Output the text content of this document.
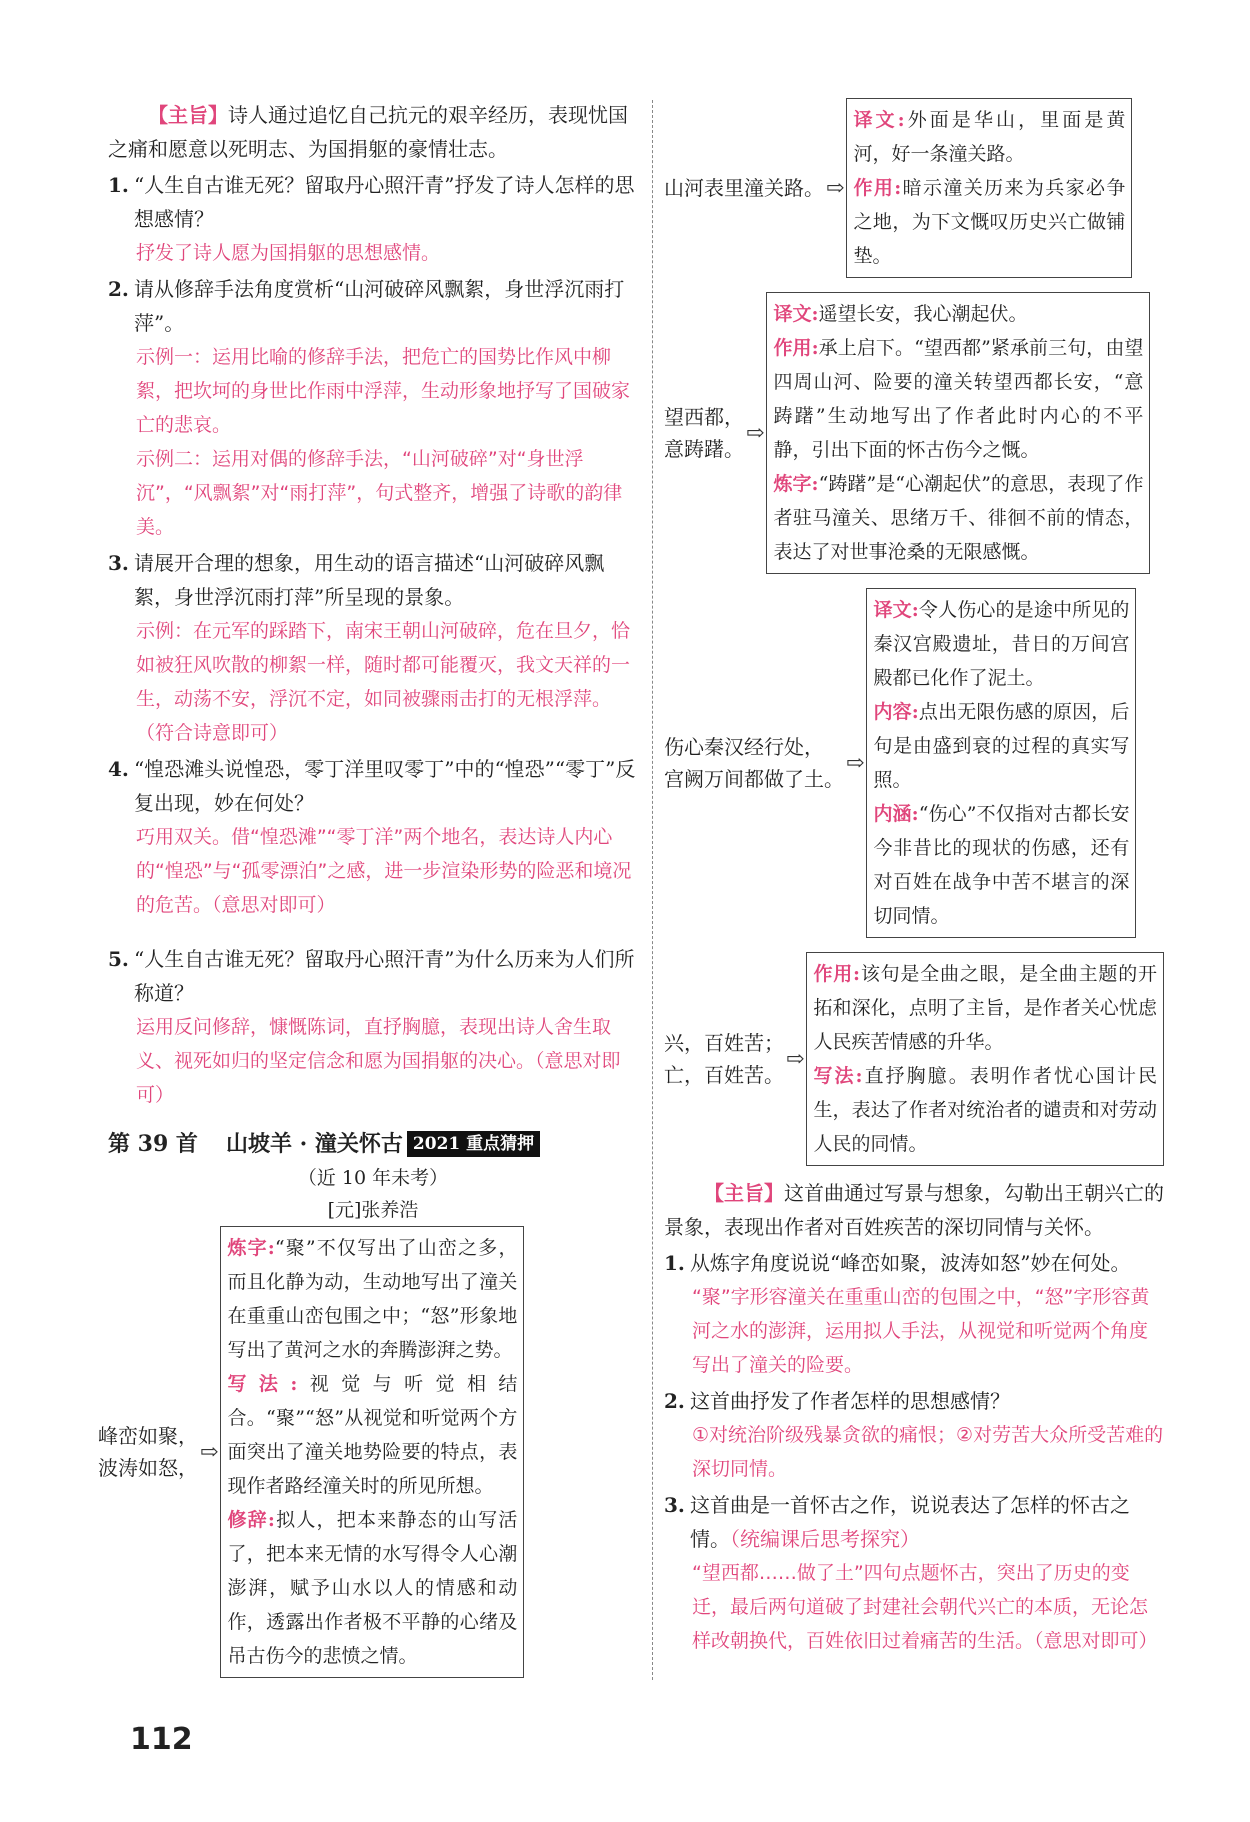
【主旨】诗人通过追忆自己抗元的艰辛经历，表现忧国之痛和愿意以死明志、为国捐躯的豪情壮志。

1. “人生自古谁无死？留取丹心照汗青”抒发了诗人怎样的思想感情？

抒发了诗人愿为国捐躯的思想感情。

2. 请从修辞手法角度赏析“山河破碎风飘絮，身世浮沉雨打萍”。

示例一：运用比喻的修辞手法，把危亡的国势比作风中柳絮，把坎坷的身世比作雨中浮萍，生动形象地抒写了国破家亡的悲哀。

示例二：运用对偶的修辞手法，“山河破碎”对“身世浮沉”，“风飘絮”对“雨打萍”，句式整齐，增强了诗歌的韵律美。

3. 请展开合理的想象，用生动的语言描述“山河破碎风飘絮，身世浮沉雨打萍”所呈现的景象。

示例：在元军的踩踏下，南宋王朝山河破碎，危在旦夕，恰如被狂风吹散的柳絮一样，随时都可能覆灭，我文天祥的一生，动荡不安，浮沉不定，如同被骤雨击打的无根浮萍。（符合诗意即可）

4. “惶恐滩头说惶恐，零丁洋里叹零丁”中的“惶恐”“零丁”反复出现，妙在何处？

巧用双关。借“惶恐滩”“零丁洋”两个地名，表达诗人内心的“惶恐”与“孤零漂泊”之感，进一步渲染形势的险恶和境况的危苦。（意思对即可）

5. “人生自古谁无死？留取丹心照汗青”为什么历来为人们所称道？

运用反问修辞，慷慨陈词，直抒胸臆，表现出诗人舍生取义、视死如归的坚定信念和愿为国捐躯的决心。（意思对即可）

第 39 首 山坡羊 · 潼关怀古 2021 重点猜押
（近 10 年未考）
[元]张养浩
峰峦如聚，
波涛如怒，
⇨
炼字:“聚”不仅写出了山峦之多，而且化静为动，生动地写出了潼关在重重山峦包围之中；“怒”形象地写出了黄河之水的奔腾澎湃之势。
写法:视觉与听觉相结合。“聚”“怒”从视觉和听觉两个方面突出了潼关地势险要的特点，表现作者路经潼关时的所见所想。
修辞:拟人，把本来静态的山写活了，把本来无情的水写得令人心潮澎湃，赋予山水以人的情感和动作，透露出作者极不平静的心绪及吊古伤今的悲愤之情。
山河表里潼关路。 ⇨
译文:外面是华山，里面是黄河，好一条潼关路。
作用:暗示潼关历来为兵家必争之地，为下文慨叹历史兴亡做铺垫。
望西都，
意踌躇。
⇨
译文:遥望长安，我心潮起伏。
作用:承上启下。“望西都”紧承前三句，由望四周山河、险要的潼关转望西都长安，“意踌躇”生动地写出了作者此时内心的不平静，引出下面的怀古伤今之慨。
炼字:“踌躇”是“心潮起伏”的意思，表现了作者驻马潼关、思绪万千、徘徊不前的情态，表达了对世事沧桑的无限感慨。
伤心秦汉经行处，
宫阙万间都做了土。
⇨
译文:令人伤心的是途中所见的秦汉宫殿遗址，昔日的万间宫殿都已化作了泥土。
内容:点出无限伤感的原因，后句是由盛到衰的过程的真实写照。
内涵:“伤心”不仅指对古都长安今非昔比的现状的伤感，还有对百姓在战争中苦不堪言的深切同情。
兴，百姓苦；
亡，百姓苦。
⇨
作用:该句是全曲之眼，是全曲主题的开拓和深化，点明了主旨，是作者关心忧虑人民疾苦情感的升华。
写法:直抒胸臆。表明作者忧心国计民生，表达了作者对统治者的谴责和对劳动人民的同情。

【主旨】这首曲通过写景与想象，勾勒出王朝兴亡的景象，表现出作者对百姓疾苦的深切同情与关怀。

1. 从炼字角度说说“峰峦如聚，波涛如怒”妙在何处。

“聚”字形容潼关在重重山峦的包围之中，“怒”字形容黄河之水的澎湃，运用拟人手法，从视觉和听觉两个角度写出了潼关的险要。

2. 这首曲抒发了作者怎样的思想感情？

①对统治阶级残暴贪欲的痛恨；②对劳苦大众所受苦难的深切同情。

3. 这首曲是一首怀古之作，说说表达了怎样的怀古之情。（统编课后思考探究）

“望西都……做了土”四句点题怀古，突出了历史的变迁，最后两句道破了封建社会朝代兴亡的本质，无论怎样改朝换代，百姓依旧过着痛苦的生活。（意思对即可）

112
